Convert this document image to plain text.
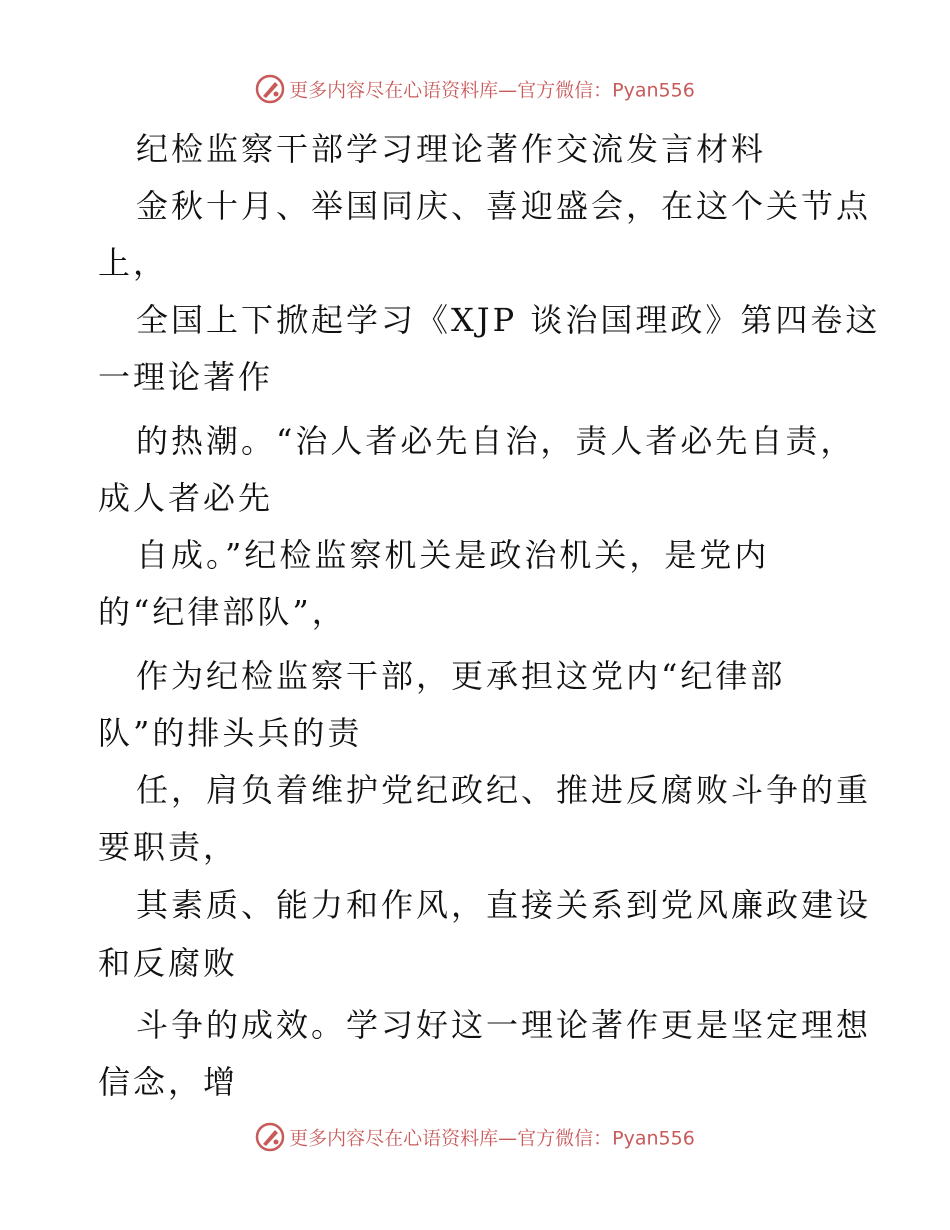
更多内容尽在心语资料库—官方微信：Pyan556
纪检监察干部学习理论著作交流发言材料
金秋十月、举国同庆、喜迎盛会，在这个关节点
上，
全国上下掀起学习《XJP 谈治国理政》第四卷这
一理论著作
的热潮。“治人者必先自治，责人者必先自责，
成人者必先
自成。”纪检监察机关是政治机关，是党内
的“纪律部队”，
作为纪检监察干部，更承担这党内“纪律部
队”的排头兵的责
任，肩负着维护党纪政纪、推进反腐败斗争的重
要职责，
其素质、能力和作风，直接关系到党风廉政建设
和反腐败
斗争的成效。学习好这一理论著作更是坚定理想
信念，增
更多内容尽在心语资料库—官方微信：Pyan556
